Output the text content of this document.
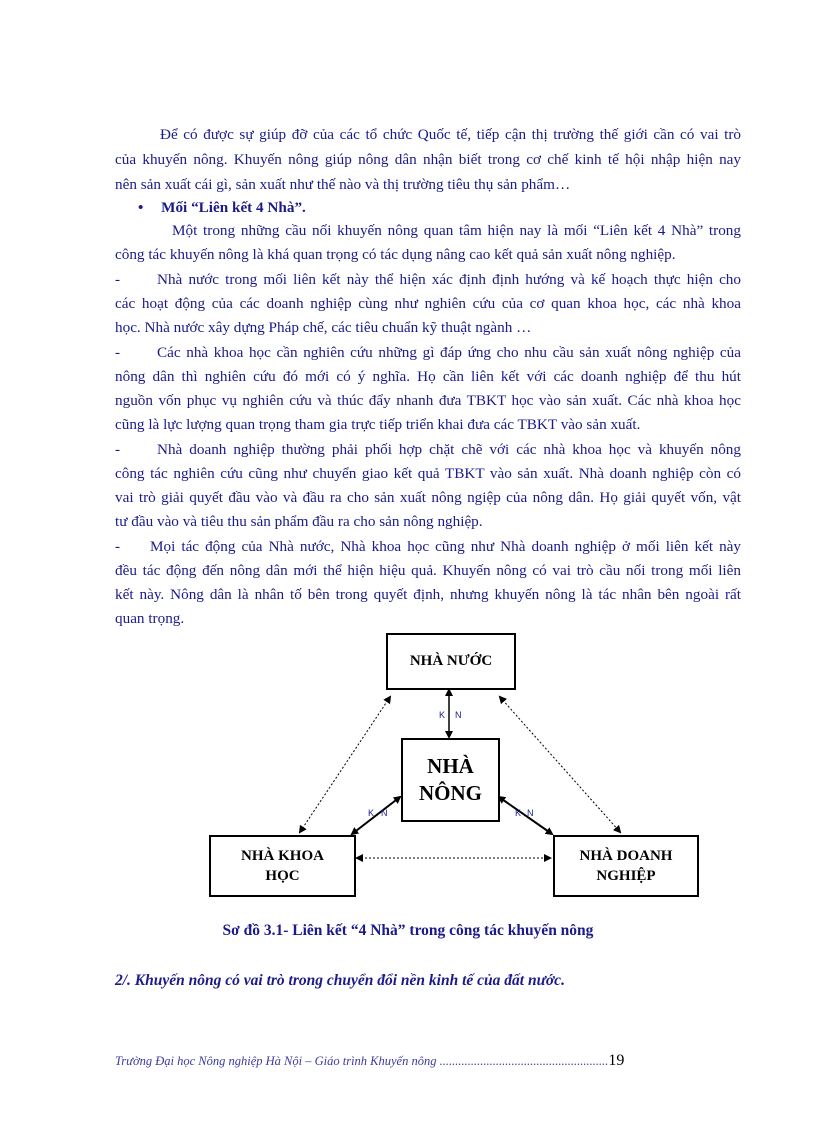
Để có được sự giúp đỡ của các tổ chức Quốc tế, tiếp cận thị trường thế giới cần có vai trò
của khuyến nông. Khuyến nông giúp nông dân nhận biết trong cơ chế kinh tế hội nhập hiện nay
nên sản xuất cái gì, sản xuất như thế nào và thị trường tiêu thụ sản phẩm…
• Mối “Liên kết 4 Nhà”.
Một trong những cầu nối khuyến nông quan tâm hiện nay là mối “Liên kết 4 Nhà” trong
công tác khuyến nông là khá quan trọng có tác dụng nâng cao kết quả sản xuất nông nghiệp.
- Nhà nước trong mối liên kết này thể hiện xác định định hướng và kế hoạch thực hiện cho
các hoạt động của các doanh nghiệp cùng như nghiên cứu của cơ quan khoa học, các nhà khoa
học. Nhà nước xây dựng Pháp chế, các tiêu chuẩn kỹ thuật ngành …
- Các nhà khoa học cần nghiên cứu những gì đáp ứng cho nhu cầu sản xuất nông nghiệp của
nông dân thì nghiên cứu đó mới có ý nghĩa. Họ cần liên kết với các doanh nghiệp để thu hút
nguồn vốn phục vụ nghiên cứu và thúc đẩy nhanh đưa TBKT học vào sản xuất. Các nhà khoa học
cũng là lực lượng quan trọng tham gia trực tiếp triển khai đưa các TBKT vào sản xuất.
- Nhà doanh nghiệp thường phải phối hợp chặt chẽ với các nhà khoa học và khuyến nông
công tác nghiên cứu cũng như chuyển giao kết quả TBKT vào sản xuất. Nhà doanh nghiệp còn có
vai trò giải quyết đầu vào và đầu ra cho sản xuất nông ngiệp của nông dân. Họ giải quyết vốn, vật
tư đầu vào và tiêu thu sản phẩm đầu ra cho sản nông nghiệp.
- Mọi tác động của Nhà nước, Nhà khoa học cũng như Nhà doanh nghiệp ở mối liên kết này
đều tác động đến nông dân mới thể hiện hiệu quả. Khuyến nông có vai trò cầu nối trong mối liên
kết này. Nông dân là nhân tố bên trong quyết định, nhưng khuyến nông là tác nhân bên ngoài rất
quan trọng.
NHÀ NƯỚC
NHÀ
NÔNG
NHÀ KHOA
HỌC
NHÀ DOANH
NGHIỆP
K N
K N	K N
Sơ đồ 3.1- Liên kết “4 Nhà” trong công tác khuyến nông
2/. Khuyến nông có vai trò trong chuyển đổi nền kinh tế của đất nước.
Trường Đại học Nông nghiệp Hà Nội – Giáo trình Khuyến nông ......................................................19
